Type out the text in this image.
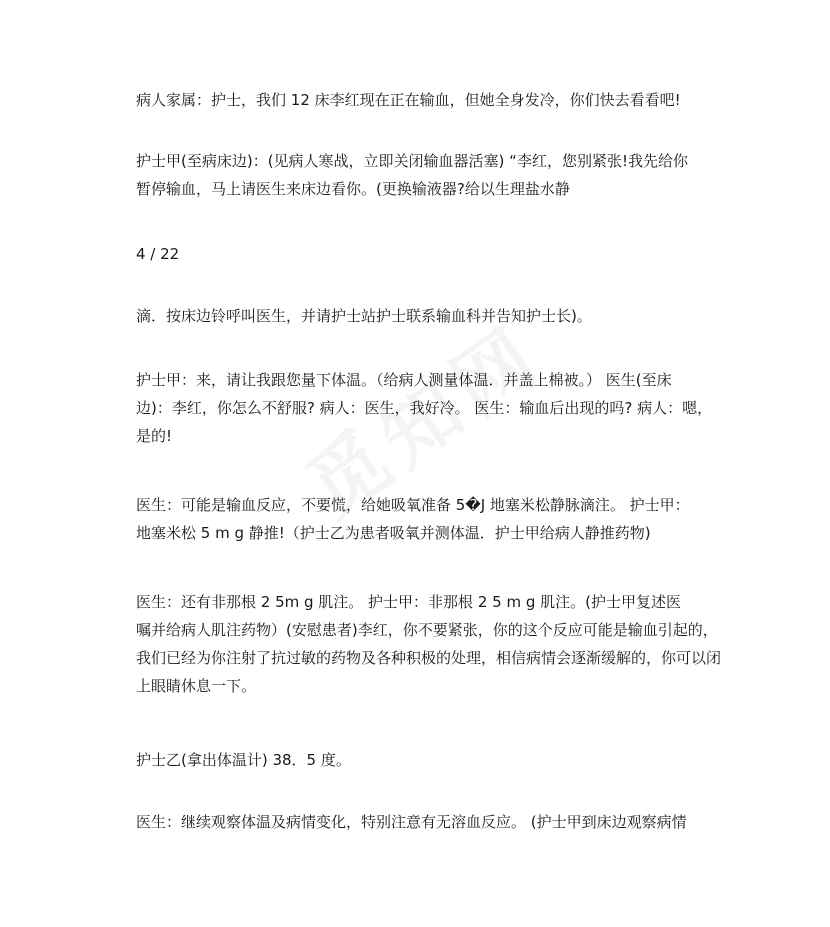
病人家属：护士，我们 12 床李红现在正在输血，但她全身发冷，你们快去看看吧!

护士甲(至病床边)：(见病人寒战，立即关闭输血器活塞) “李红，您别紧张!我先给你
暂停输血，马上请医生来床边看你。(更换输液器?给以生理盐水静

4 / 22

滴．按床边铃呼叫医生，并请护士站护士联系输血科并告知护士长)。

护士甲：来，请让我跟您量下体温。（给病人测量体温．并盖上棉被。） 医生(至床
边)：李红，你怎么不舒服? 病人：医生，我好冷。 医生：输血后出现的吗? 病人：嗯，
是的!

医生：可能是输血反应，不要慌，给她吸氧准备 5�J 地塞米松静脉滴注。 护士甲：
地塞米松 5 m g 静推!（护士乙为患者吸氧并测体温．护士甲给病人静推药物)

医生：还有非那根 2 5m g 肌注。 护士甲：非那根 2 5 m g 肌注。(护士甲复述医
嘱并给病人肌注药物）(安慰患者)李红，你不要紧张，你的这个反应可能是输血引起的，
我们已经为你注射了抗过敏的药物及各种积极的处理，相信病情会逐渐缓解的，你可以闭
上眼睛休息一下。

护士乙(拿出体温计) 38．5 度。

医生：继续观察体温及病情变化，特别注意有无溶血反应。 (护士甲到床边观察病情
